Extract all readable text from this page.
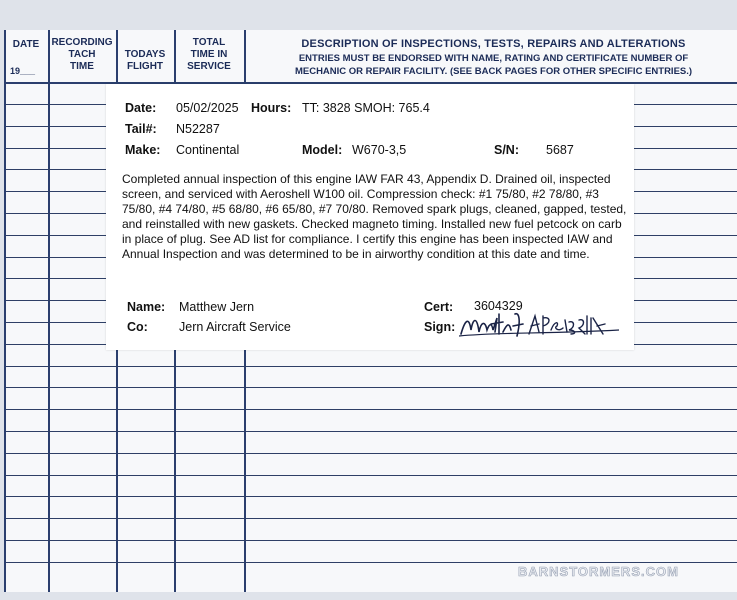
DATE
19___
RECORDING
TACH
TIME
TODAYS
FLIGHT
TOTAL
TIME IN
SERVICE
DESCRIPTION OF INSPECTIONS, TESTS, REPAIRS AND ALTERATIONS
ENTRIES MUST BE ENDORSED WITH NAME, RATING AND CERTIFICATE NUMBER OF
MECHANIC OR REPAIR FACILITY. (SEE BACK PAGES FOR OTHER SPECIFIC ENTRIES.)
Date: 05/02/2025 Hours: TT: 3828 SMOH: 765.4
Tail#: N52287
Make: Continental	Model: W670-3,5	S/N: 5687
Completed annual inspection of this engine IAW FAR 43, Appendix D. Drained oil, inspected screen, and serviced with Aeroshell W100 oil. Compression check: #1 75/80, #2 78/80, #3 75/80, #4 74/80, #5 68/80, #6 65/80, #7 70/80. Removed spark plugs, cleaned, gapped, tested, and reinstalled with new gaskets. Checked magneto timing. Installed new fuel petcock on carb in place of plug. See AD list for compliance. I certify this engine has been inspected IAW and Annual Inspection and was determined to be in airworthy condition at this date and time.
Name: Matthew Jern
Co: Jern Aircraft Service
Cert: 3604329
Sign:
BARNSTORMERS.COM
